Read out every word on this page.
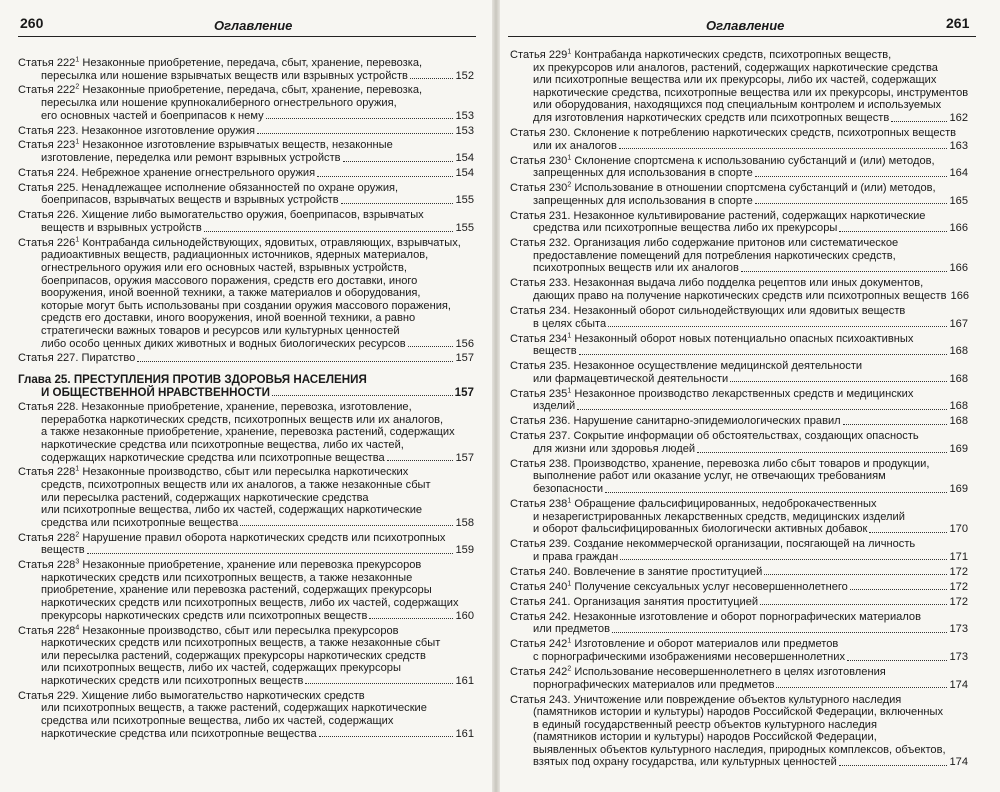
260	Оглавление
Статья $222^1$ Незаконные приобретение, передача, сбыт, хранение, перевозка,
пересылка или ношение взрывчатых веществ или взрывных устройств	152
Статья $222^2$ Незаконные приобретение, передача, сбыт, хранение, перевозка,
пересылка или ношение крупнокалиберного огнестрельного оружия,
его основных частей и боеприпасов к нему	153
Статья 223. Незаконное изготовление оружия	153
Статья $223^1$ Незаконное изготовление взрывчатых веществ, незаконные
изготовление, переделка или ремонт взрывных устройств	154
Статья 224. Небрежное хранение огнестрельного оружия	154
Статья 225. Ненадлежащее исполнение обязанностей по охране оружия,
боеприпасов, взрывчатых веществ и взрывных устройств	155
Статья 226. Хищение либо вымогательство оружия, боеприпасов, взрывчатых
веществ и взрывных устройств	155
Статья $226^1$ Контрабанда сильнодействующих, ядовитых, отравляющих, взрывчатых,
радиоактивных веществ, радиационных источников, ядерных материалов,
огнестрельного оружия или его основных частей, взрывных устройств,
боеприпасов, оружия массового поражения, средств его доставки, иного
вооружения, иной военной техники, а также материалов и оборудования,
которые могут быть использованы при создании оружия массового поражения,
средств его доставки, иного вооружения, иной военной техники, а равно
стратегически важных товаров и ресурсов или культурных ценностей
либо особо ценных диких животных и водных биологических ресурсов	156
Статья 227. Пиратство	157
Глава 25. ПРЕСТУПЛЕНИЯ ПРОТИВ ЗДОРОВЬЯ НАСЕЛЕНИЯ
И ОБЩЕСТВЕННОЙ НРАВСТВЕННОСТИ	157
Статья 228. Незаконные приобретение, хранение, перевозка, изготовление,
переработка наркотических средств, психотропных веществ или их аналогов,
а также незаконные приобретение, хранение, перевозка растений, содержащих
наркотические средства или психотропные вещества, либо их частей,
содержащих наркотические средства или психотропные вещества	157
Статья $228^1$ Незаконные производство, сбыт или пересылка наркотических
средств, психотропных веществ или их аналогов, а также незаконные сбыт
или пересылка растений, содержащих наркотические средства
или психотропные вещества, либо их частей, содержащих наркотические
средства или психотропные вещества	158
Статья $228^2$ Нарушение правил оборота наркотических средств или психотропных
веществ	159
Статья $228^3$ Незаконные приобретение, хранение или перевозка прекурсоров
наркотических средств или психотропных веществ, а также незаконные
приобретение, хранение или перевозка растений, содержащих прекурсоры
наркотических средств или психотропных веществ, либо их частей, содержащих
прекурсоры наркотических средств или психотропных веществ	160
Статья $228^4$ Незаконные производство, сбыт или пересылка прекурсоров
наркотических средств или психотропных веществ, а также незаконные сбыт
или пересылка растений, содержащих прекурсоры наркотических средств
или психотропных веществ, либо их частей, содержащих прекурсоры
наркотических средств или психотропных веществ	161
Статья 229. Хищение либо вымогательство наркотических средств
или психотропных веществ, а также растений, содержащих наркотические
средства или психотропные вещества, либо их частей, содержащих
наркотические средства или психотропные вещества	161
Оглавление	261
Статья $229^1$ Контрабанда наркотических средств, психотропных веществ,
их прекурсоров или аналогов, растений, содержащих наркотические средства
или психотропные вещества или их прекурсоры, либо их частей, содержащих
наркотические средства, психотропные вещества или их прекурсоры, инструментов
или оборудования, находящихся под специальным контролем и используемых
для изготовления наркотических средств или психотропных веществ	162
Статья 230. Склонение к потреблению наркотических средств, психотропных веществ
или их аналогов	163
Статья $230^1$ Склонение спортсмена к использованию субстанций и (или) методов,
запрещенных для использования в спорте	164
Статья $230^2$ Использование в отношении спортсмена субстанций и (или) методов,
запрещенных для использования в спорте	165
Статья 231. Незаконное культивирование растений, содержащих наркотические
средства или психотропные вещества либо их прекурсоры	166
Статья 232. Организация либо содержание притонов или систематическое
предоставление помещений для потребления наркотических средств,
психотропных веществ или их аналогов	166
Статья 233. Незаконная выдача либо подделка рецептов или иных документов,
дающих право на получение наркотических средств или психотропных веществ 166
Статья 234. Незаконный оборот сильнодействующих или ядовитых веществ
в целях сбыта	167
Статья $234^1$ Незаконный оборот новых потенциально опасных психоактивных
веществ	168
Статья 235. Незаконное осуществление медицинской деятельности
или фармацевтической деятельности	168
Статья $235^1$ Незаконное производство лекарственных средств и медицинских
изделий	168
Статья 236. Нарушение санитарно-эпидемиологических правил	168
Статья 237. Сокрытие информации об обстоятельствах, создающих опасность
для жизни или здоровья людей	169
Статья 238. Производство, хранение, перевозка либо сбыт товаров и продукции,
выполнение работ или оказание услуг, не отвечающих требованиям
безопасности	169
Статья $238^1$ Обращение фальсифицированных, недоброкачественных
и незарегистрированных лекарственных средств, медицинских изделий
и оборот фальсифицированных биологически активных добавок	170
Статья 239. Создание некоммерческой организации, посягающей на личность
и права граждан	171
Статья 240. Вовлечение в занятие проституцией	172
Статья $240^1$ Получение сексуальных услуг несовершеннолетнего	172
Статья 241. Организация занятия проституцией	172
Статья 242. Незаконные изготовление и оборот порнографических материалов
или предметов	173
Статья $242^1$ Изготовление и оборот материалов или предметов
с порнографическими изображениями несовершеннолетних	173
Статья $242^2$ Использование несовершеннолетнего в целях изготовления
порнографических материалов или предметов	174
Статья 243. Уничтожение или повреждение объектов культурного наследия
(памятников истории и культуры) народов Российской Федерации, включенных
в единый государственный реестр объектов культурного наследия
(памятников истории и культуры) народов Российской Федерации,
выявленных объектов культурного наследия, природных комплексов, объектов,
взятых под охрану государства, или культурных ценностей	174
